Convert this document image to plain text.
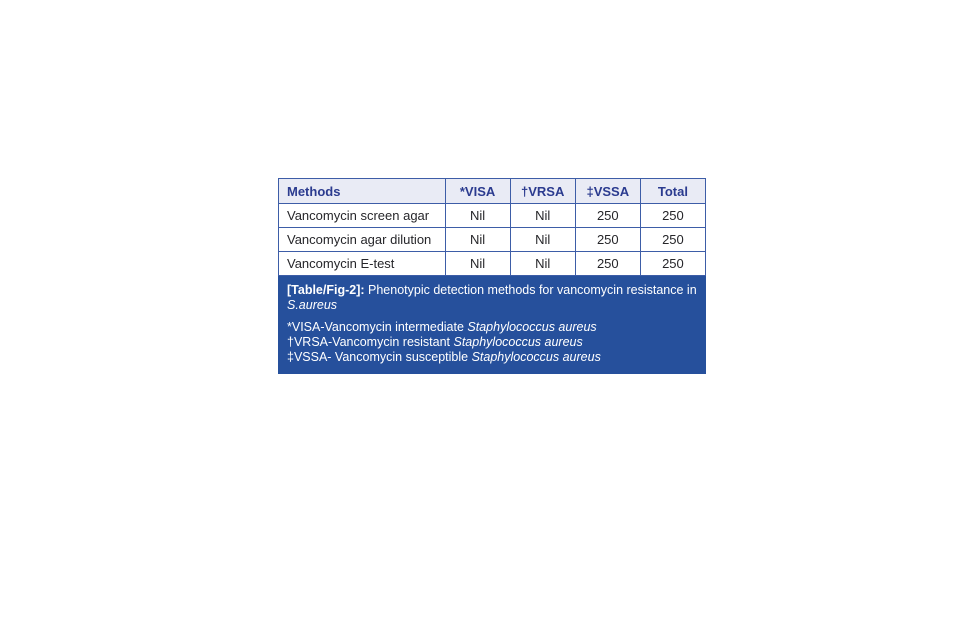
Methods	*VISA	†VRSA	‡VSSA	Total
Vancomycin screen agar	Nil	Nil	250	250
Vancomycin agar dilution	Nil	Nil	250	250
Vancomycin E-test	Nil	Nil	250	250

[Table/Fig-2]: Phenotypic detection methods for vancomycin resistance in S.aureus

*VISA-Vancomycin intermediate Staphylococcus aureus

†VRSA-Vancomycin resistant Staphylococcus aureus

‡VSSA- Vancomycin susceptible Staphylococcus aureus
